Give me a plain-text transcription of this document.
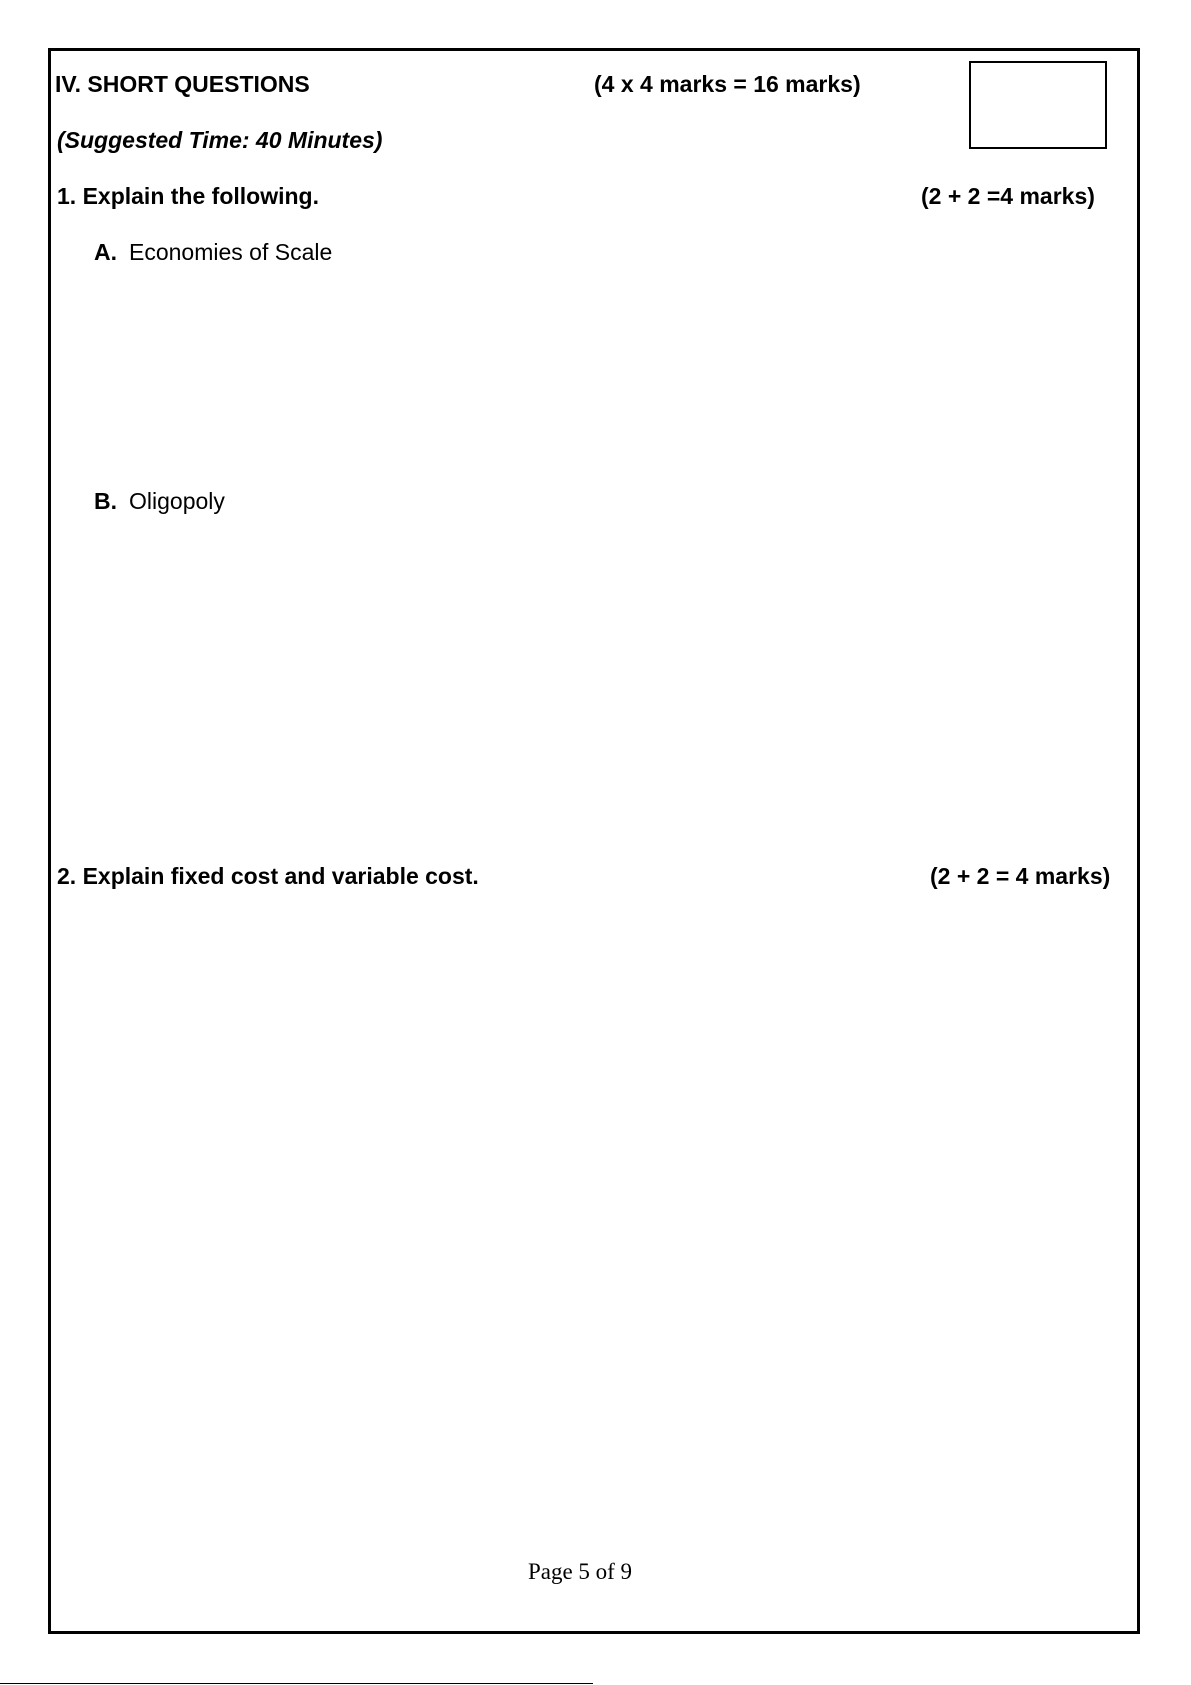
IV. SHORT QUESTIONS	(4 x 4 marks = 16 marks)
(Suggested Time: 40 Minutes)
1. Explain the following.	(2 + 2 =4 marks)
A. Economies of Scale
B. Oligopoly
2. Explain fixed cost and variable cost.	(2 + 2 = 4 marks)
Page 5 of 9
